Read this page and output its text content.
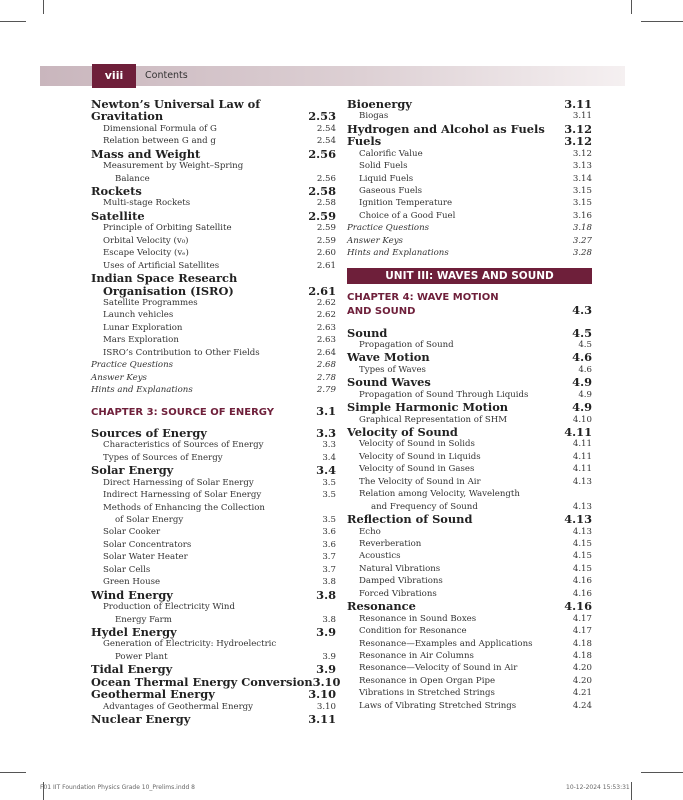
viii	Contents
Newton’s Universal Law of Gravitation	2.53
Dimensional Formula of G	2.54
Relation between G and g	2.54
Mass and Weight	2.56
Measurement by Weight–Spring
Balance	2.56
Rockets	2.58
Multi-stage Rockets	2.58
Satellite	2.59
Principle of Orbiting Satellite	2.59
Orbital Velocity (v₀)	2.59
Escape Velocity (vₑ)	2.60
Uses of Artificial Satellites	2.61
Indian Space Research
Organisation (ISRO)	2.61
Satellite Programmes	2.62
Launch vehicles	2.62
Lunar Exploration	2.63
Mars Exploration	2.63
ISRO’s Contribution to Other Fields	2.64
Practice Questions	2.68
Answer Keys	2.78
Hints and Explanations	2.79
CHAPTER 3: SOURCE OF ENERGY	3.1
Sources of Energy	3.3
Characteristics of Sources of Energy	3.3
Types of Sources of Energy	3.4
Solar Energy	3.4
Direct Harnessing of Solar Energy	3.5
Indirect Harnessing of Solar Energy	3.5
Methods of Enhancing the Collection
of Solar Energy	3.5
Solar Cooker	3.6
Solar Concentrators	3.6
Solar Water Heater	3.7
Solar Cells	3.7
Green House	3.8
Wind Energy	3.8
Production of Electricity Wind
Energy Farm	3.8
Hydel Energy	3.9
Generation of Electricity: Hydroelectric
Power Plant	3.9
Tidal Energy	3.9
Ocean Thermal Energy Conversion 3.10
Geothermal Energy	3.10
Advantages of Geothermal Energy	3.10
Nuclear Energy	3.11
Bioenergy	3.11
Biogas	3.11
Hydrogen and Alcohol as Fuels 3.12
Fuels	3.12
Calorific Value	3.12
Solid Fuels	3.13
Liquid Fuels	3.14
Gaseous Fuels	3.15
Ignition Temperature	3.15
Choice of a Good Fuel	3.16
Practice Questions	3.18
Answer Keys	3.27
Hints and Explanations	3.28
UNIT III: WAVES AND SOUND
CHAPTER 4: WAVE MOTION
AND SOUND	4.3
Sound	4.5
Propagation of Sound	4.5
Wave Motion	4.6
Types of Waves	4.6
Sound Waves	4.9
Propagation of Sound Through Liquids	4.9
Simple Harmonic Motion	4.9
Graphical Representation of SHM	4.10
Velocity of Sound	4.11
Velocity of Sound in Solids	4.11
Velocity of Sound in Liquids	4.11
Velocity of Sound in Gases	4.11
The Velocity of Sound in Air	4.13
Relation among Velocity, Wavelength
and Frequency of Sound	4.13
Reflection of Sound	4.13
Echo	4.13
Reverberation	4.15
Acoustics	4.15
Natural Vibrations	4.15
Damped Vibrations	4.16
Forced Vibrations	4.16
Resonance	4.16
Resonance in Sound Boxes	4.17
Condition for Resonance	4.17
Resonance—Examples and Applications	4.18
Resonance in Air Columns	4.18
Resonance—Velocity of Sound in Air	4.20
Resonance in Open Organ Pipe	4.20
Vibrations in Stretched Strings	4.21
Laws of Vibrating Stretched Strings	4.24
F01 IIT Foundation Physics Grade 10_Prelims.indd 8	10-12-2024 15:53:31
